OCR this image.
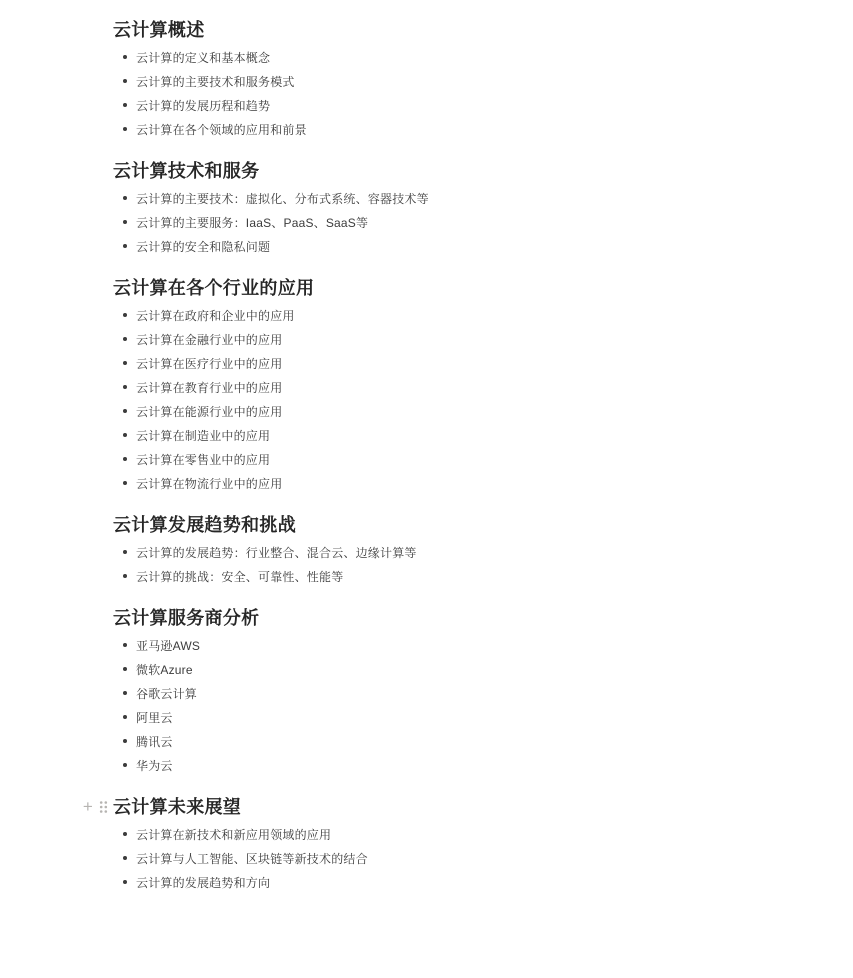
云计算概述
云计算的定义和基本概念
云计算的主要技术和服务模式
云计算的发展历程和趋势
云计算在各个领域的应用和前景
云计算技术和服务
云计算的主要技术：虚拟化、分布式系统、容器技术等
云计算的主要服务：IaaS、PaaS、SaaS等
云计算的安全和隐私问题
云计算在各个行业的应用
云计算在政府和企业中的应用
云计算在金融行业中的应用
云计算在医疗行业中的应用
云计算在教育行业中的应用
云计算在能源行业中的应用
云计算在制造业中的应用
云计算在零售业中的应用
云计算在物流行业中的应用
云计算发展趋势和挑战
云计算的发展趋势：行业整合、混合云、边缘计算等
云计算的挑战：安全、可靠性、性能等
云计算服务商分析
亚马逊AWS
微软Azure
谷歌云计算
阿里云
腾讯云
华为云
云计算未来展望
+
云计算在新技术和新应用领域的应用
云计算与人工智能、区块链等新技术的结合
云计算的发展趋势和方向
